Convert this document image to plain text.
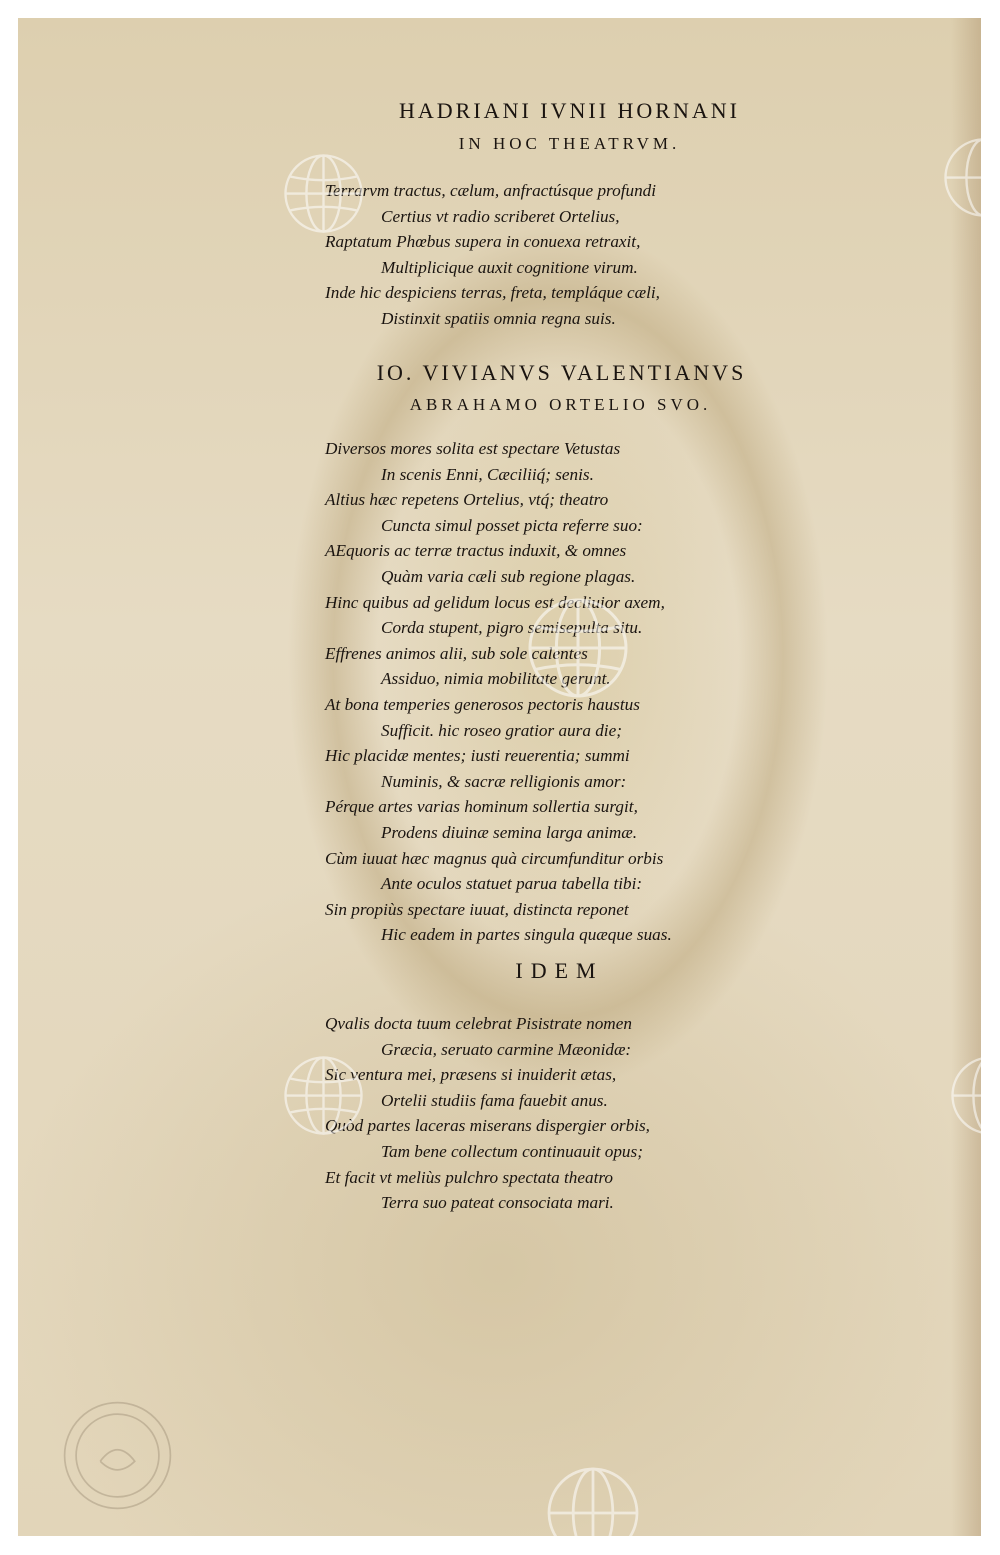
HADRIANI IVNII HORNANI
IN HOC THEATRVM.
Terrarvm tractus, cælum, anfractúsque profundi
Certius vt radio scriberet Ortelius,
Raptatum Phœbus supera in conuexa retraxit,
Multiplicique auxit cognitione virum.
Inde hic despiciens terras, freta, templáque cæli,
Distinxit spatiis omnia regna suis.
IO. VIVIANVS VALENTIANVS
ABRAHAMO ORTELIO SVO.
Diversos mores solita est spectare Vetustas
In scenis Enni, Cæciliiq́; senis.
Altius hæc repetens Ortelius, vtq́; theatro
Cuncta simul posset picta referre suo:
AEquoris ac terræ tractus induxit, & omnes
Quàm varia cæli sub regione plagas.
Hinc quibus ad gelidum locus est decliuior axem,
Corda stupent, pigro semisepulta situ.
Effrenes animos alii, sub sole calentes
Assiduo, nimia mobilitate gerunt.
At bona temperies generosos pectoris haustus
Sufficit. hic roseo gratior aura die;
Hic placidæ mentes; iusti reuerentia; summi
Numinis, & sacræ relligionis amor:
Pérque artes varias hominum sollertia surgit,
Prodens diuinæ semina larga animæ.
Cùm iuuat hæc magnus quà circumfunditur orbis
Ante oculos statuet parua tabella tibi:
Sin propiùs spectare iuuat, distincta reponet
Hic eadem in partes singula quæque suas.
IDEM
Qvalis docta tuum celebrat Pisistrate nomen
Græcia, seruato carmine Mæonidæ:
Sic ventura mei, præsens si inuiderit ætas,
Ortelii studiis fama fauebit anus.
Quòd partes laceras miserans dispergier orbis,
Tam bene collectum continuauit opus;
Et facit vt meliùs pulchro spectata theatro
Terra suo pateat consociata mari.
